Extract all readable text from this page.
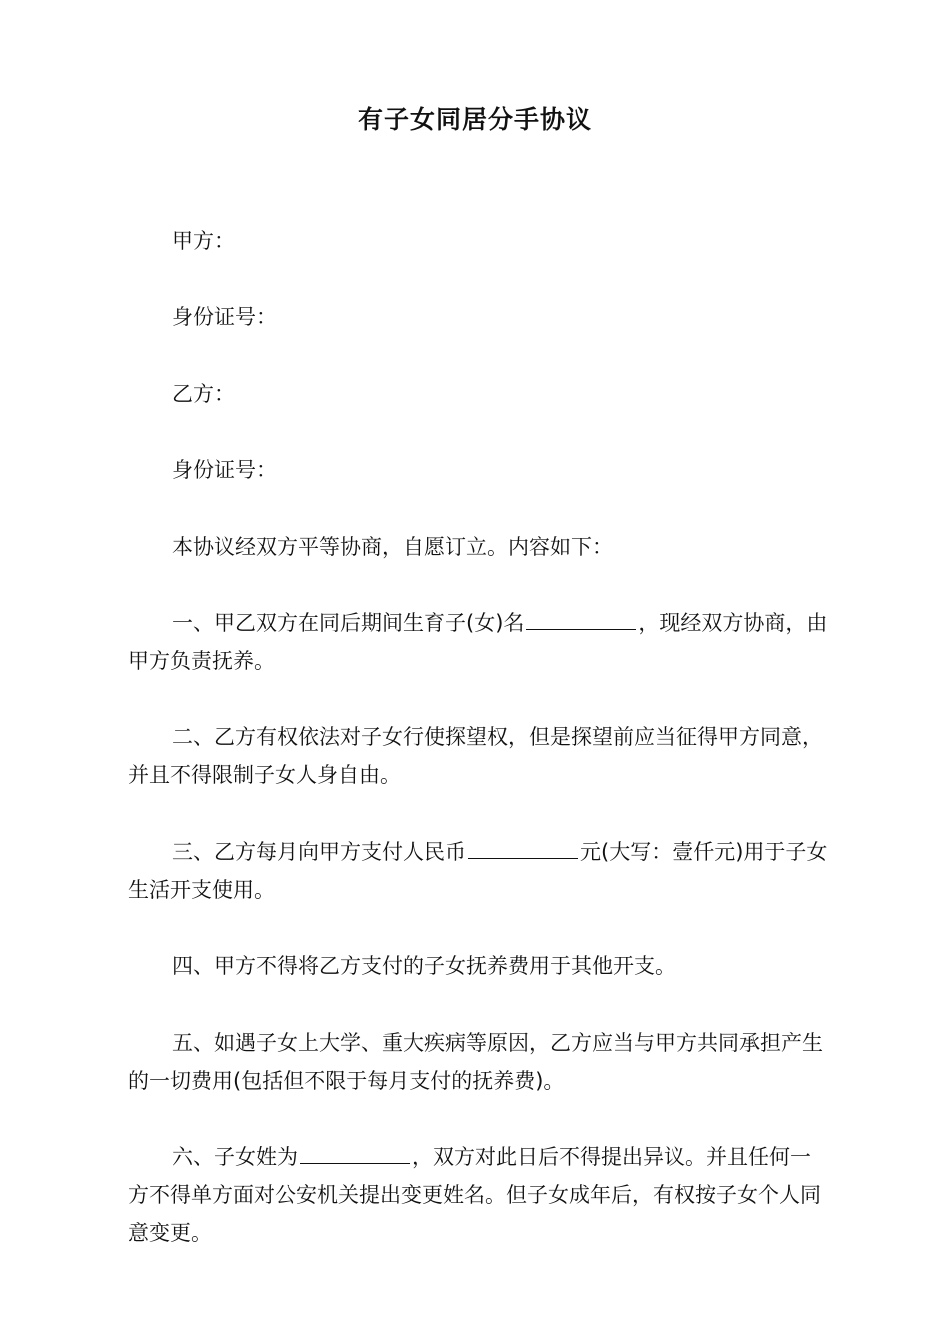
有子女同居分手协议

甲方：

身份证号：

乙方：

身份证号：

本协议经双方平等协商，自愿订立。内容如下：

一、甲乙双方在同后期间生育子(女)名	，现经双方协商，由甲方负责抚养。

二、乙方有权依法对子女行使探望权，但是探望前应当征得甲方同意，并且不得限制子女人身自由。

三、乙方每月向甲方支付人民币	元(大写：壹仟元)用于子女生活开支使用。

四、甲方不得将乙方支付的子女抚养费用于其他开支。

五、如遇子女上大学、重大疾病等原因，乙方应当与甲方共同承担产生的一切费用(包括但不限于每月支付的抚养费)。

六、子女姓为	，双方对此日后不得提出异议。并且任何一方不得单方面对公安机关提出变更姓名。但子女成年后，有权按子女个人同意变更。
